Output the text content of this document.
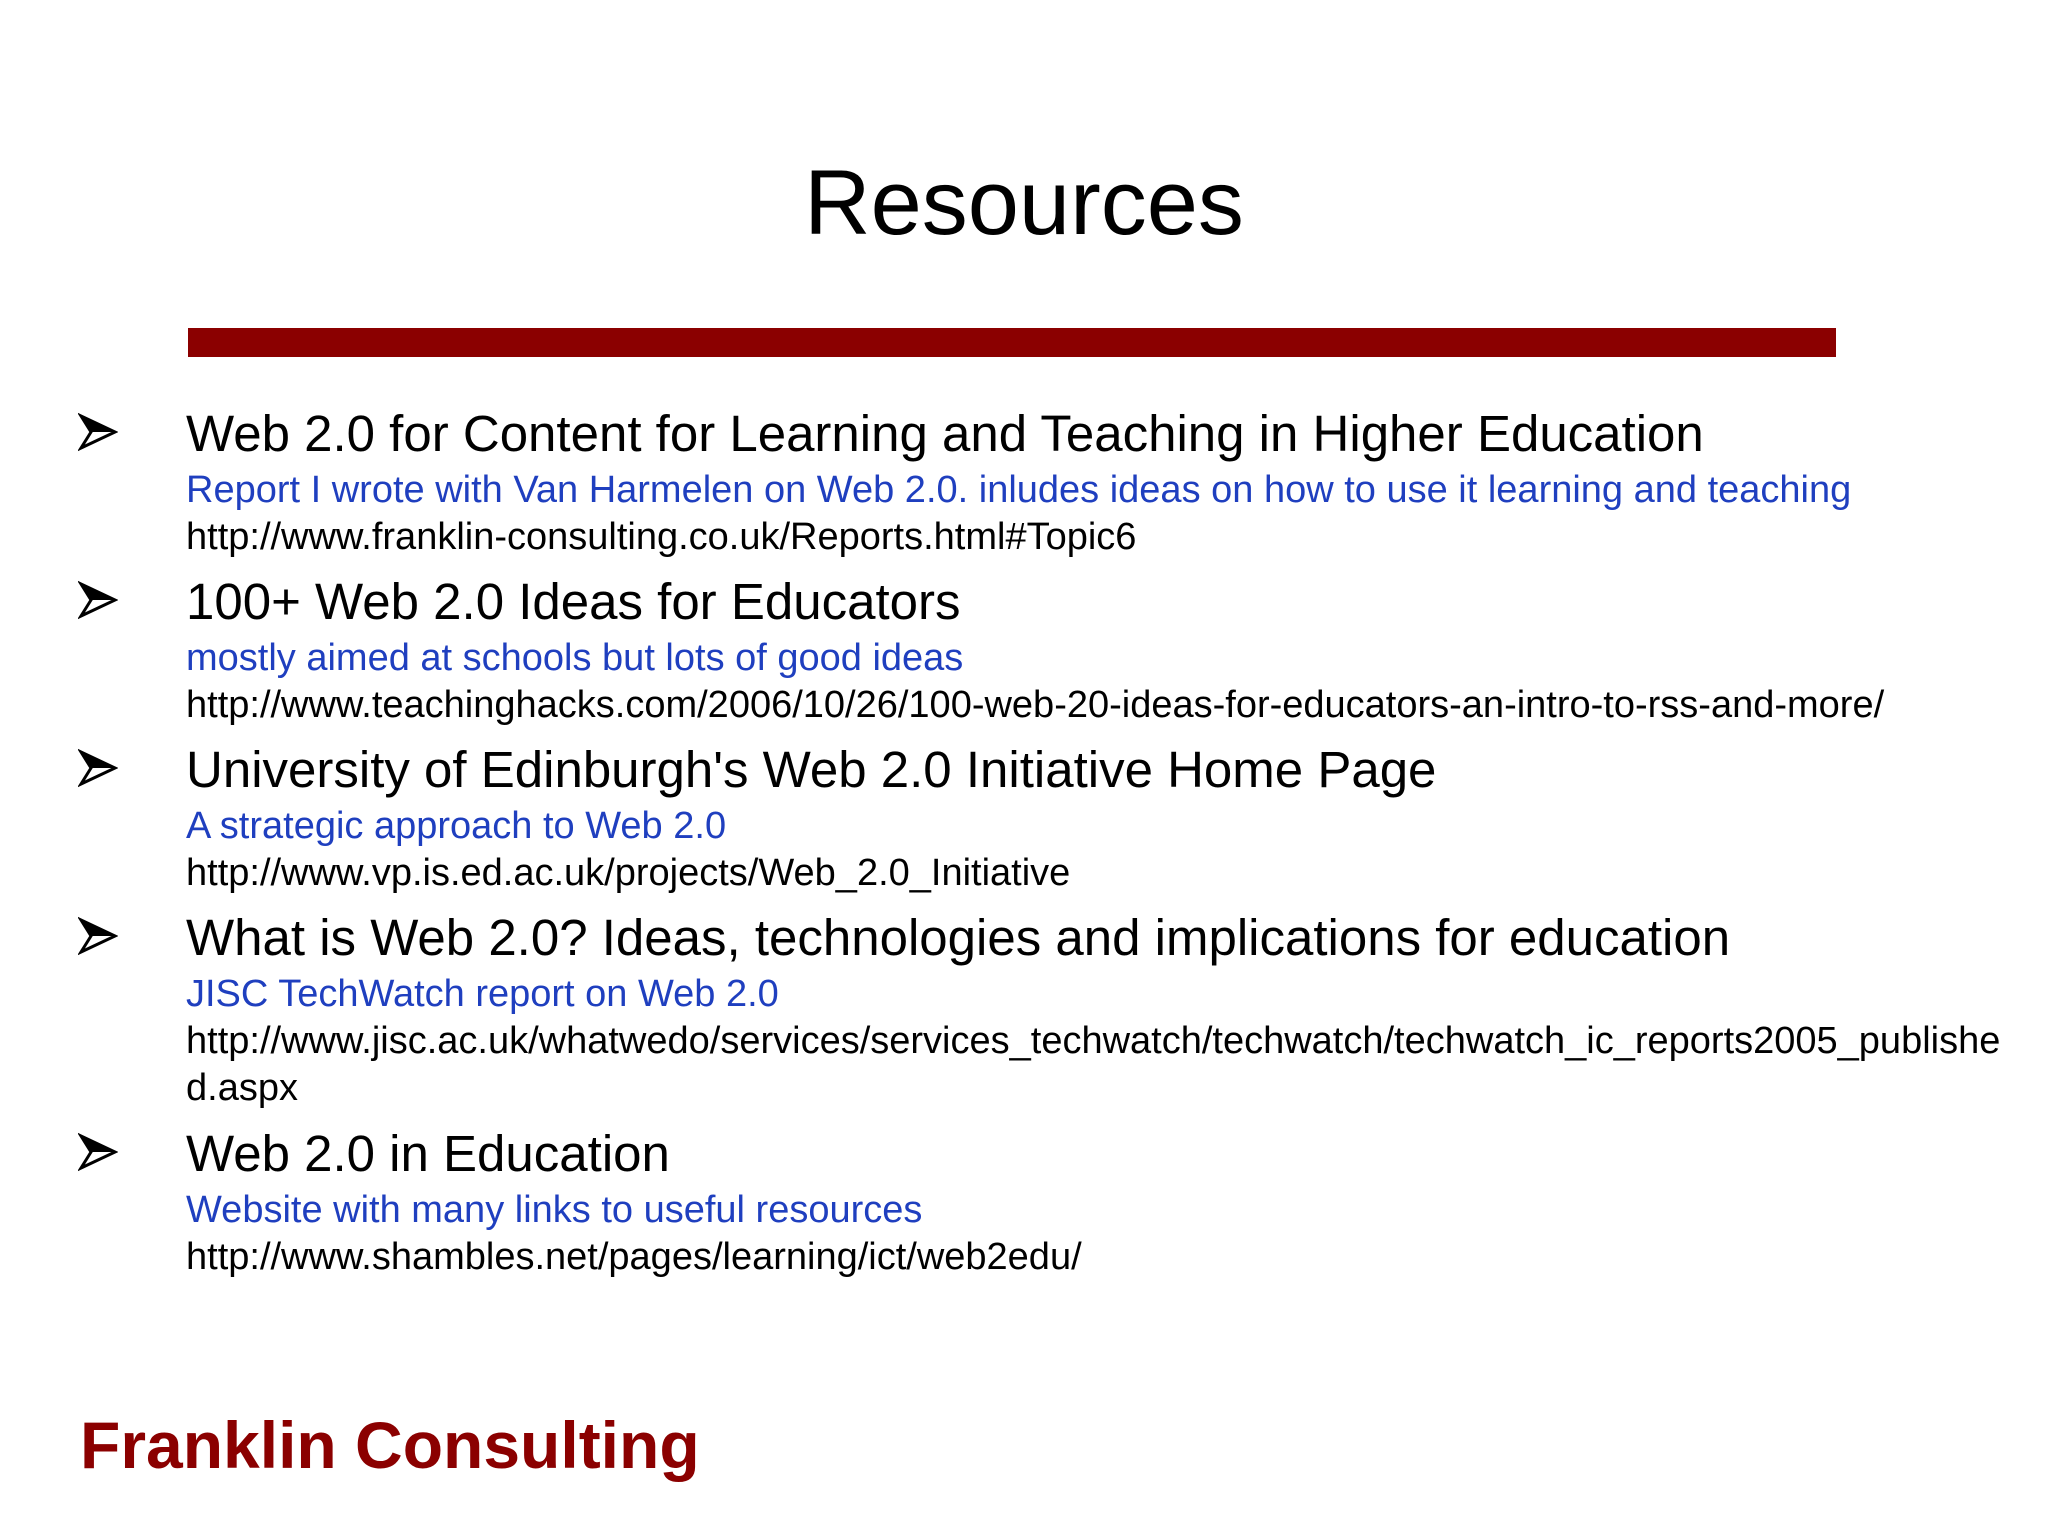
Resources
Web 2.0 for Content for Learning and Teaching in Higher Education
Report I wrote with Van Harmelen on Web 2.0. inludes ideas on how to use it learning and teaching
http://www.franklin-consulting.co.uk/Reports.html#Topic6
100+ Web 2.0 Ideas for Educators
mostly aimed at schools but lots of good ideas
http://www.teachinghacks.com/2006/10/26/100-web-20-ideas-for-educators-an-intro-to-rss-and-more/
University of Edinburgh's Web 2.0 Initiative Home Page
A strategic approach to Web 2.0
http://www.vp.is.ed.ac.uk/projects/Web_2.0_Initiative
What is Web 2.0? Ideas, technologies and implications for education
JISC TechWatch report on Web 2.0
http://www.jisc.ac.uk/whatwedo/services/services_techwatch/techwatch/techwatch_ic_reports2005_published.aspx
Web 2.0 in Education
Website with many links to useful resources
http://www.shambles.net/pages/learning/ict/web2edu/
Franklin Consulting
